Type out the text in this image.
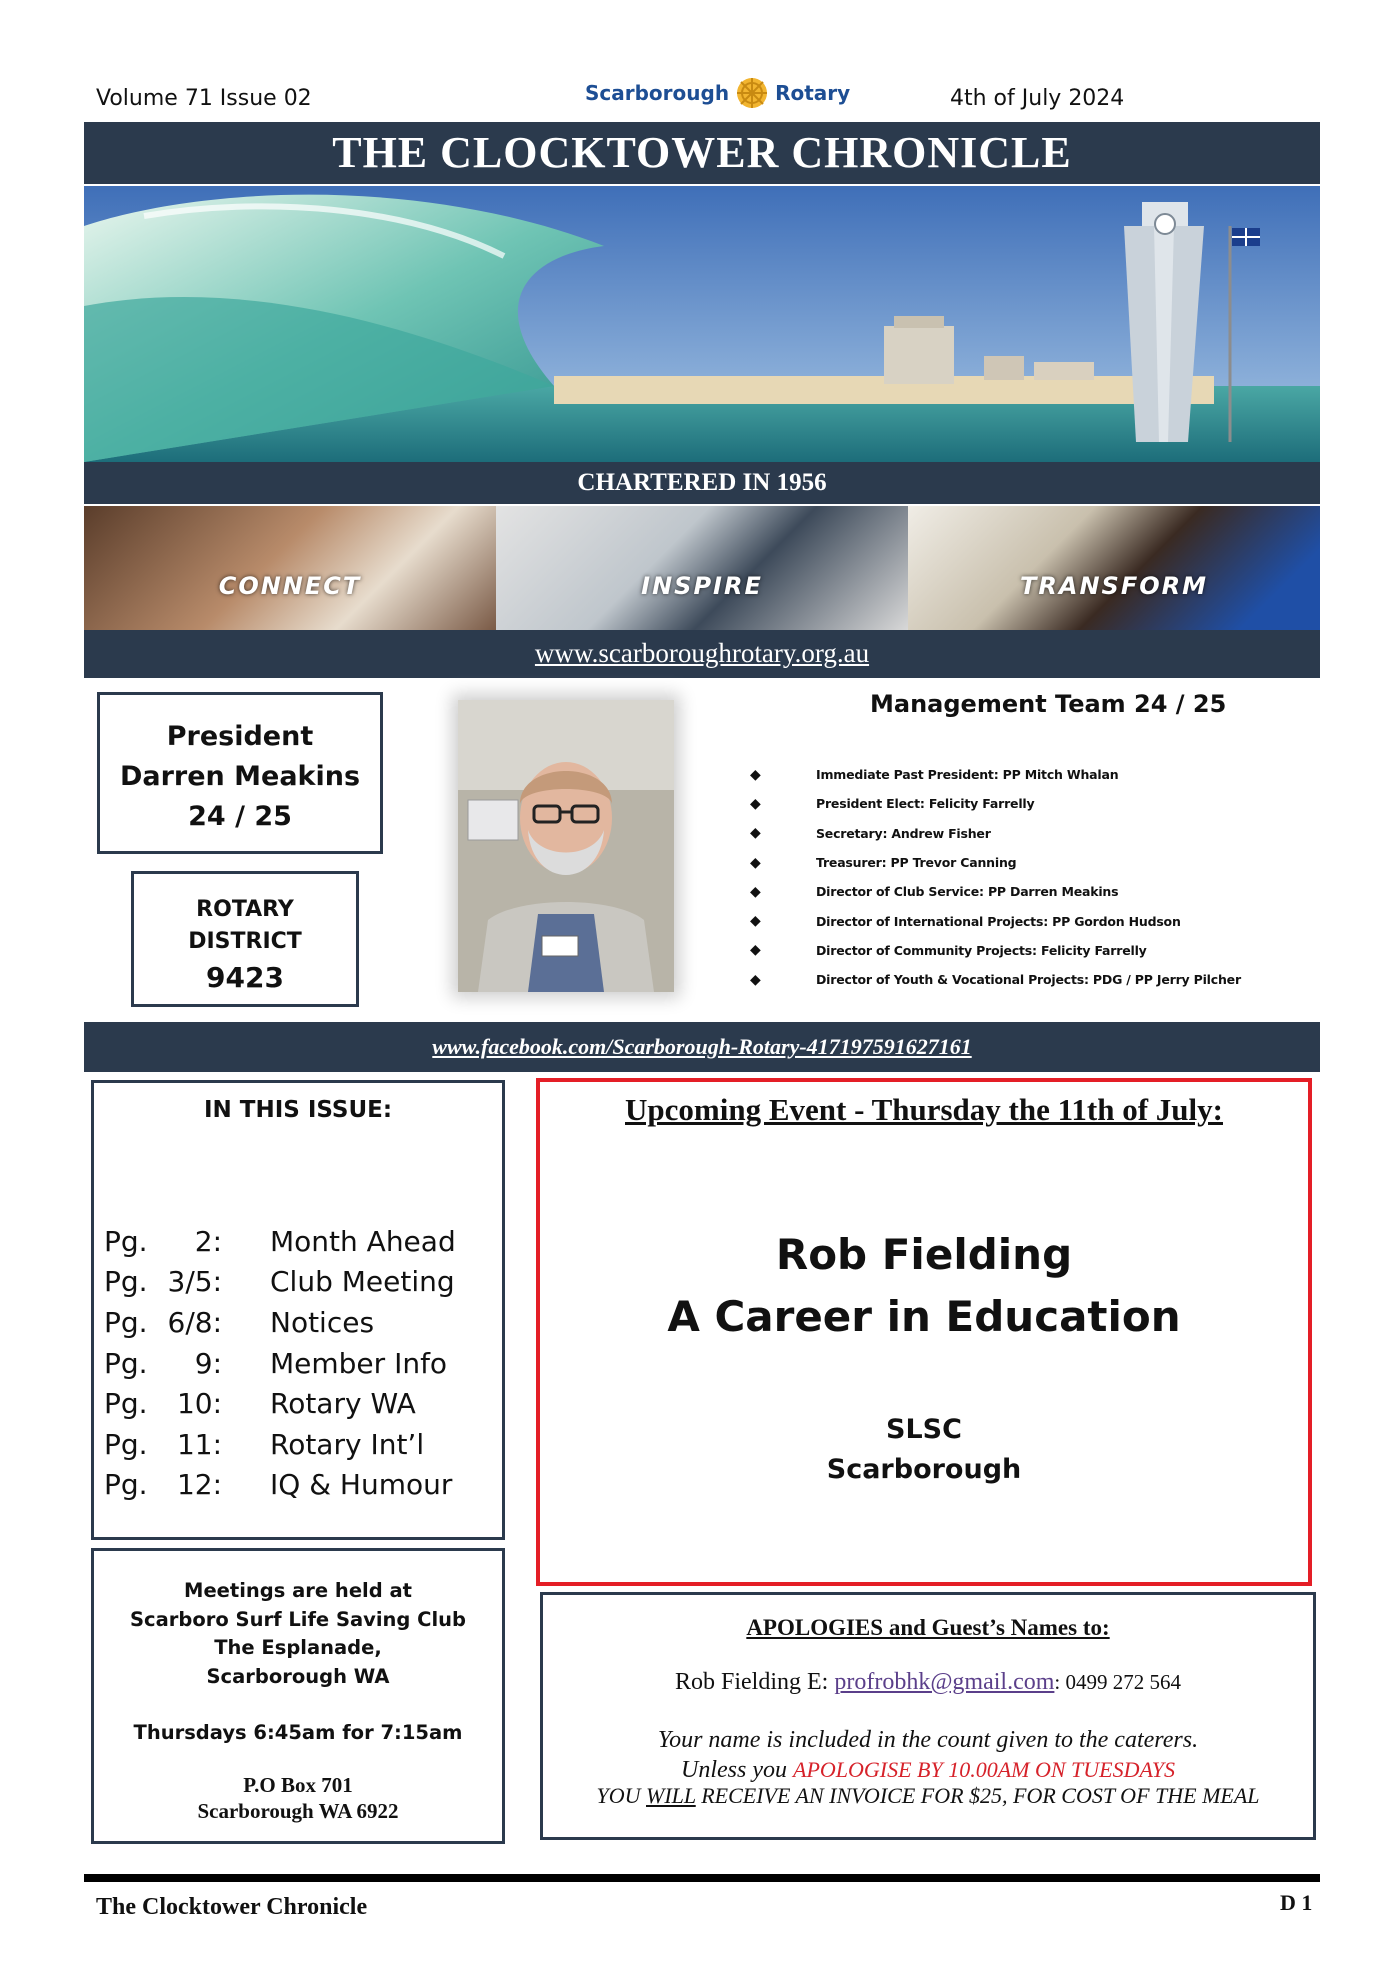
Volume 71 Issue 02	Scarborough Rotary	4th of July 2024
THE CLOCKTOWER CHRONICLE
CHARTERED IN 1956
CONNECT	INSPIRE	TRANSFORM
www.scarboroughrotary.org.au
President
Darren Meakins
24 / 25
ROTARY
DISTRICT
9423
Management Team 24 / 25
◆	Immediate Past President: PP Mitch Whalan
◆	President Elect: Felicity Farrelly
◆	Secretary: Andrew Fisher
◆	Treasurer: PP Trevor Canning
◆	Director of Club Service: PP Darren Meakins
◆	Director of International Projects: PP Gordon Hudson
◆	Director of Community Projects: Felicity Farrelly
◆	Director of Youth & Vocational Projects: PDG / PP Jerry Pilcher
www.facebook.com/Scarborough-Rotary-417197591627161
IN THIS ISSUE:
Pg.	2:	Month Ahead
Pg. 3/5:	Club Meeting
Pg. 6/8:	Notices
Pg.	9:	Member Info
Pg.	10:	Rotary WA
Pg.	11:	Rotary Int’l
Pg.	12:	IQ & Humour
Upcoming Event - Thursday the 11th of July:
Rob Fielding
A Career in Education
SLSC
Scarborough
Meetings are held at
Scarboro Surf Life Saving Club
The Esplanade,
Scarborough WA
Thursdays 6:45am for 7:15am
P.O Box 701
Scarborough WA 6922
APOLOGIES and Guest’s Names to:
Rob Fielding E: profrobhk@gmail.com: 0499 272 564
Your name is included in the count given to the caterers.
Unless you APOLOGISE BY 10.00AM ON TUESDAYS
YOU WILL RECEIVE AN INVOICE FOR $25, FOR COST OF THE MEAL
The Clocktower Chronicle	D 1
